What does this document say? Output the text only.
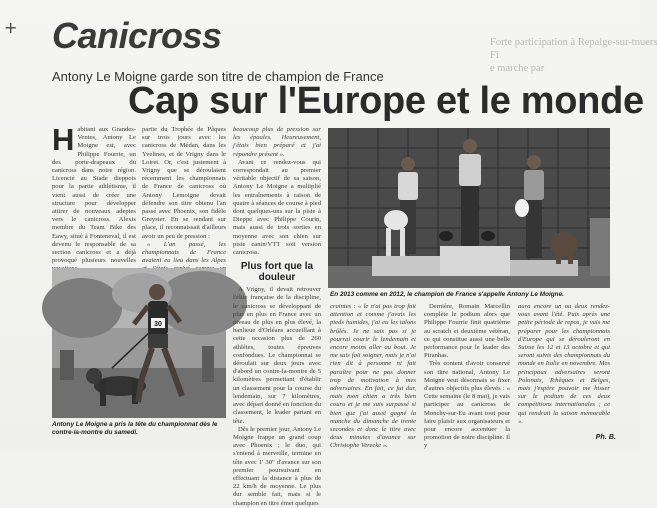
Forte participation à Repalge-sur-tnuers
Fi
e marche par
+ Canicross
Antony Le Moigne garde son titre de champion de France
Cap sur l'Europe et le monde
H abitant aux Grandes-Ventes, Antony Le Moigne est, avec Philippe Fourrie, un des porte-drapeaux du canicross dans notre région. Licencié au Stade dieppois pour la partie athlétisme, il vient aussi de créer une structure pour développer attirer de nouveaux adeptes vers le canicross. Alexis membre du Team Bike des Eawy, situé à Fonteneval, il est devenu le responsable de sa section canicross et a déjà provoqué plusieurs nouvelles

partie du Trophée de Pâques sur trois jours avec les canicross de Médan, dans les Yvelines, et de Vrigny dans le Loiret. Or, c'est justement à Vrigny que se déroulaient récemment les championnats de France de canicross où Antony Lemoigne devait défendre son titre obtenu l'an passé avec Phoenix, son fidèle Greyster. En se rendant sur place, il reconnaissait d'ailleurs avoir un peu de pression :

« L'an passé, les championnats de France avaient eu lieu dans les Alpes

30
Antony Le Moigne a pris la tête du championnat dès le contre-la-montre du samedi.

beaucoup plus de pression sur les épaules. Heureusement, j'étais bien préparé et j'ai répondre présent ».

Avant ce rendez-vous qui correspondait au premier véritable objectif de sa saison, Antony Le Moigne a multiplié les entraînements à raison de quatre à séances de course à pied dont quelques-uns sur la piste à Dieppe avec Philippe Courin, mais aussi de trois sorties en moyenne avec son chien sur piste canin/VTT soit version canicross.

Plus fort que la douleur

A Vrigny, il devait retrouver l'élite française de la discipline, le canicross se développant de plus en plus en France avec un niveau de plus en plus élevé, la banlieue d'Orléans accueillant à cette occasion plus de 260 athlètes, toutes épreuves confondues. Le championnat se déroulait sur deux jours avec d'abord un contre-la-montre de 5 kilomètres permettant d'établir un classement pour la course du lendemain, sur 7 kilomètres, avec départ donné en fonction du classement, le leader partant en tête.

Dès le premier jour, Antony Le Moigne frappe un grand coup avec Phoenix ; le duo, qui s'entend à merveille, termine en tête avec 1' 30" d'avance sur son premier poursuivant en effectuant la distance à plus de 22 km/h de moyenne. Le plus dur semble fait, mais si le champion en titre émet quelques

En 2013 comme en 2012, le champion de France s'appelle Antony Le Moigne.

craintes : « le n'ai pas trop fait attention et comme j'avais les pieds humides, j'ai eu les talons brûlés. Je ne sais pas si je pourrai courir le lendemain et encore moins aller au bout. Je me suis fait soigner, mais je n'ai rien dit à personne ni fait paraître pour ne pas donner trop de motivation à mes adversaires. En fait, ce fut dur, mais mon chien a très bien couru et je me suis surpassé si bien que j'ai aussi gagné la manche du dimanche de trente secondes et donc le titre avec deux minutes d'avance sur Christophe Verecke ».

Dernière, Romain Marcellin complète le podium alors que Philippe Fourrie finit quatrième au scratch et deuxième vétéran, ce qui constitue aussi une belle performance pour le leader des Piranhas.

Très content d'avoir conservé son titre national, Antony Le Moigne veut désormais se fixer d'autres objectifs plus élevés : « Cette semaine (le 8 mai), je vais participer au canicross de Monchy-sur-Eu avant tout pour faire plaisir aux organisateurs et pour encore accentuer la promotion de notre discipline. Il y

aura encore un ou deux rendez-vous avant l'été. Puis après une petite période de repos, je vais me préparer pour les championnats d'Europe qui se dérouleront en Suisse les 12 et 13 octobre et qui seront suivis des championnats du monde en Italie en novembre. Mes principaux adversaires seront Polonais, Tchèques et Belges, mais j'espère pouvoir me hisser sur le podium de ces deux compétitions internationales ; ce qui rendrait la saison mémorable ».

Ph. B.
